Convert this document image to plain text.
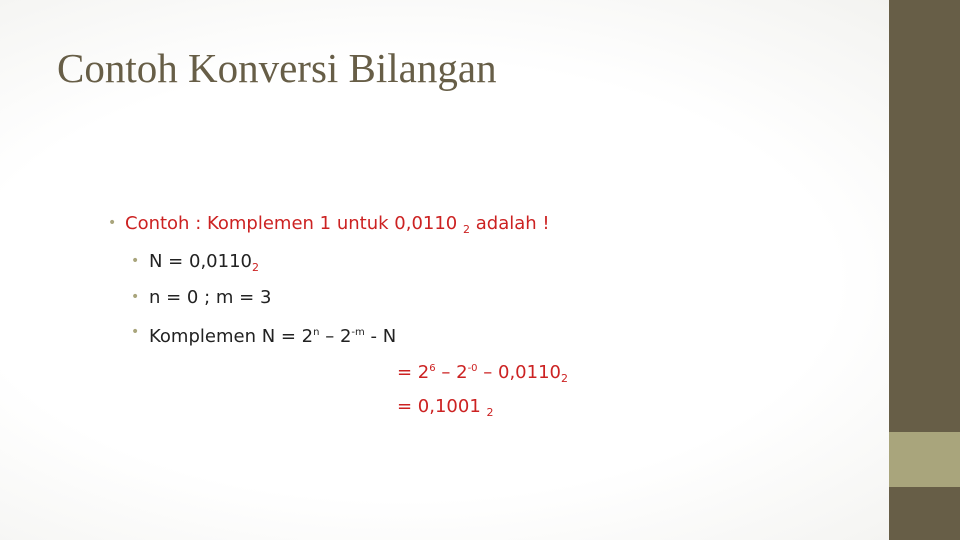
Contoh Konversi Bilangan
• Contoh : Komplemen 1 untuk 0,0110 $_2$ adalah !
• $N = 0,0110_2$
• n = 0 ; m = 3
• Komplemen $N = 2^n - 2^{-m} - N$
= $2^6 - 2^{-0} - 0,0110_2$
= 0,1001 $_2$
